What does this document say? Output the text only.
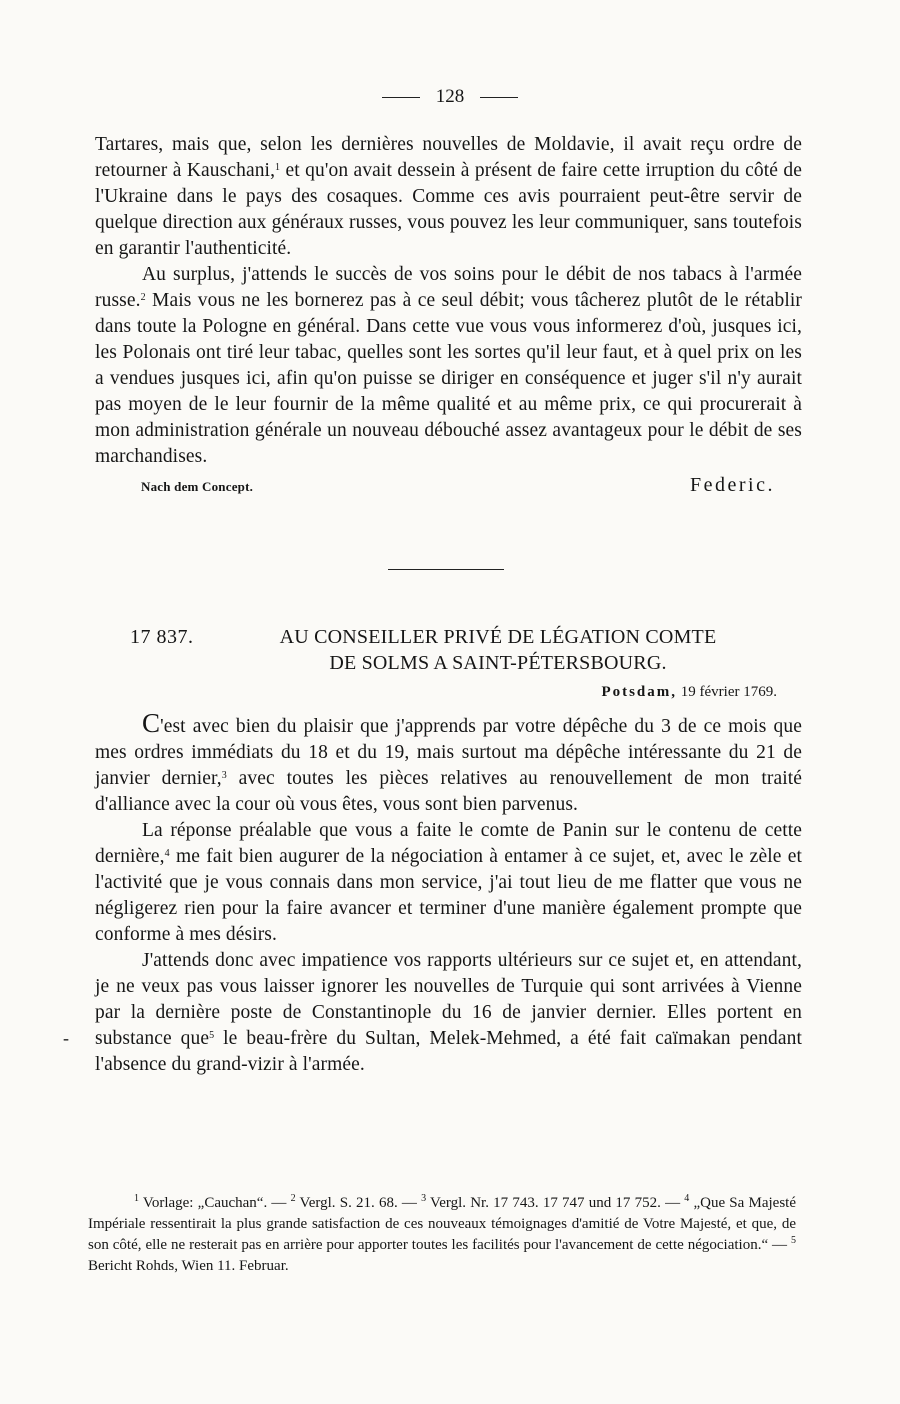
128

Tartares, mais que, selon les dernières nouvelles de Moldavie, il avait reçu ordre de retourner à Kauschani,$^1$ et qu'on avait dessein à présent de faire cette irruption du côté de l'Ukraine dans le pays des cosaques. Comme ces avis pourraient peut-être servir de quelque direction aux généraux russes, vous pouvez les leur communiquer, sans toutefois en garantir l'authenticité.

Au surplus, j'attends le succès de vos soins pour le débit de nos tabacs à l'armée russe.$^2$ Mais vous ne les bornerez pas à ce seul débit; vous tâcherez plutôt de le rétablir dans toute la Pologne en général. Dans cette vue vous vous informerez d'où, jusques ici, les Polonais ont tiré leur tabac, quelles sont les sortes qu'il leur faut, et à quel prix on les a vendues jusques ici, afin qu'on puisse se diriger en conséquence et juger s'il n'y aurait pas moyen de le leur fournir de la même qualité et au même prix, ce qui procurerait à mon administration générale un nouveau débouché assez avantageux pour le débit de ses marchandises.

Nach dem Concept.	Federic.
17 837.	AU CONSEILLER PRIVÉ DE LÉGATION COMTE
DE SOLMS A SAINT-PÉTERSBOURG.
Potsdam, 19 février 1769.

C'est avec bien du plaisir que j'apprends par votre dépêche du 3 de ce mois que mes ordres immédiats du 18 et du 19, mais surtout ma dépêche intéressante du 21 de janvier dernier,$^3$ avec toutes les pièces relatives au renouvellement de mon traité d'alliance avec la cour où vous êtes, vous sont bien parvenus.

La réponse préalable que vous a faite le comte de Panin sur le contenu de cette dernière,$^4$ me fait bien augurer de la négociation à entamer à ce sujet, et, avec le zèle et l'activité que je vous connais dans mon service, j'ai tout lieu de me flatter que vous ne négligerez rien pour la faire avancer et terminer d'une manière également prompte que conforme à mes désirs.

J'attends donc avec impatience vos rapports ultérieurs sur ce sujet et, en attendant, je ne veux pas vous laisser ignorer les nouvelles de Turquie qui sont arrivées à Vienne par la dernière poste de Constantinople du 16 de janvier dernier. Elles portent en substance que$^5$ le beau-frère du Sultan, Melek-Mehmed, a été fait caïmakan pendant l'absence du grand-vizir à l'armée.

-

$^1$ Vorlage: „Cauchan“. — $^2$ Vergl. S. 21. 68. — $^3$ Vergl. Nr. 17 743. 17 747 und 17 752. — $^4$ „Que Sa Majesté Impériale ressentirait la plus grande satisfaction de ces nouveaux témoignages d'amitié de Votre Majesté, et que, de son côté, elle ne resterait pas en arrière pour apporter toutes les facilités pour l'avancement de cette négociation.“ — $^5$ Bericht Rohds, Wien 11. Februar.
